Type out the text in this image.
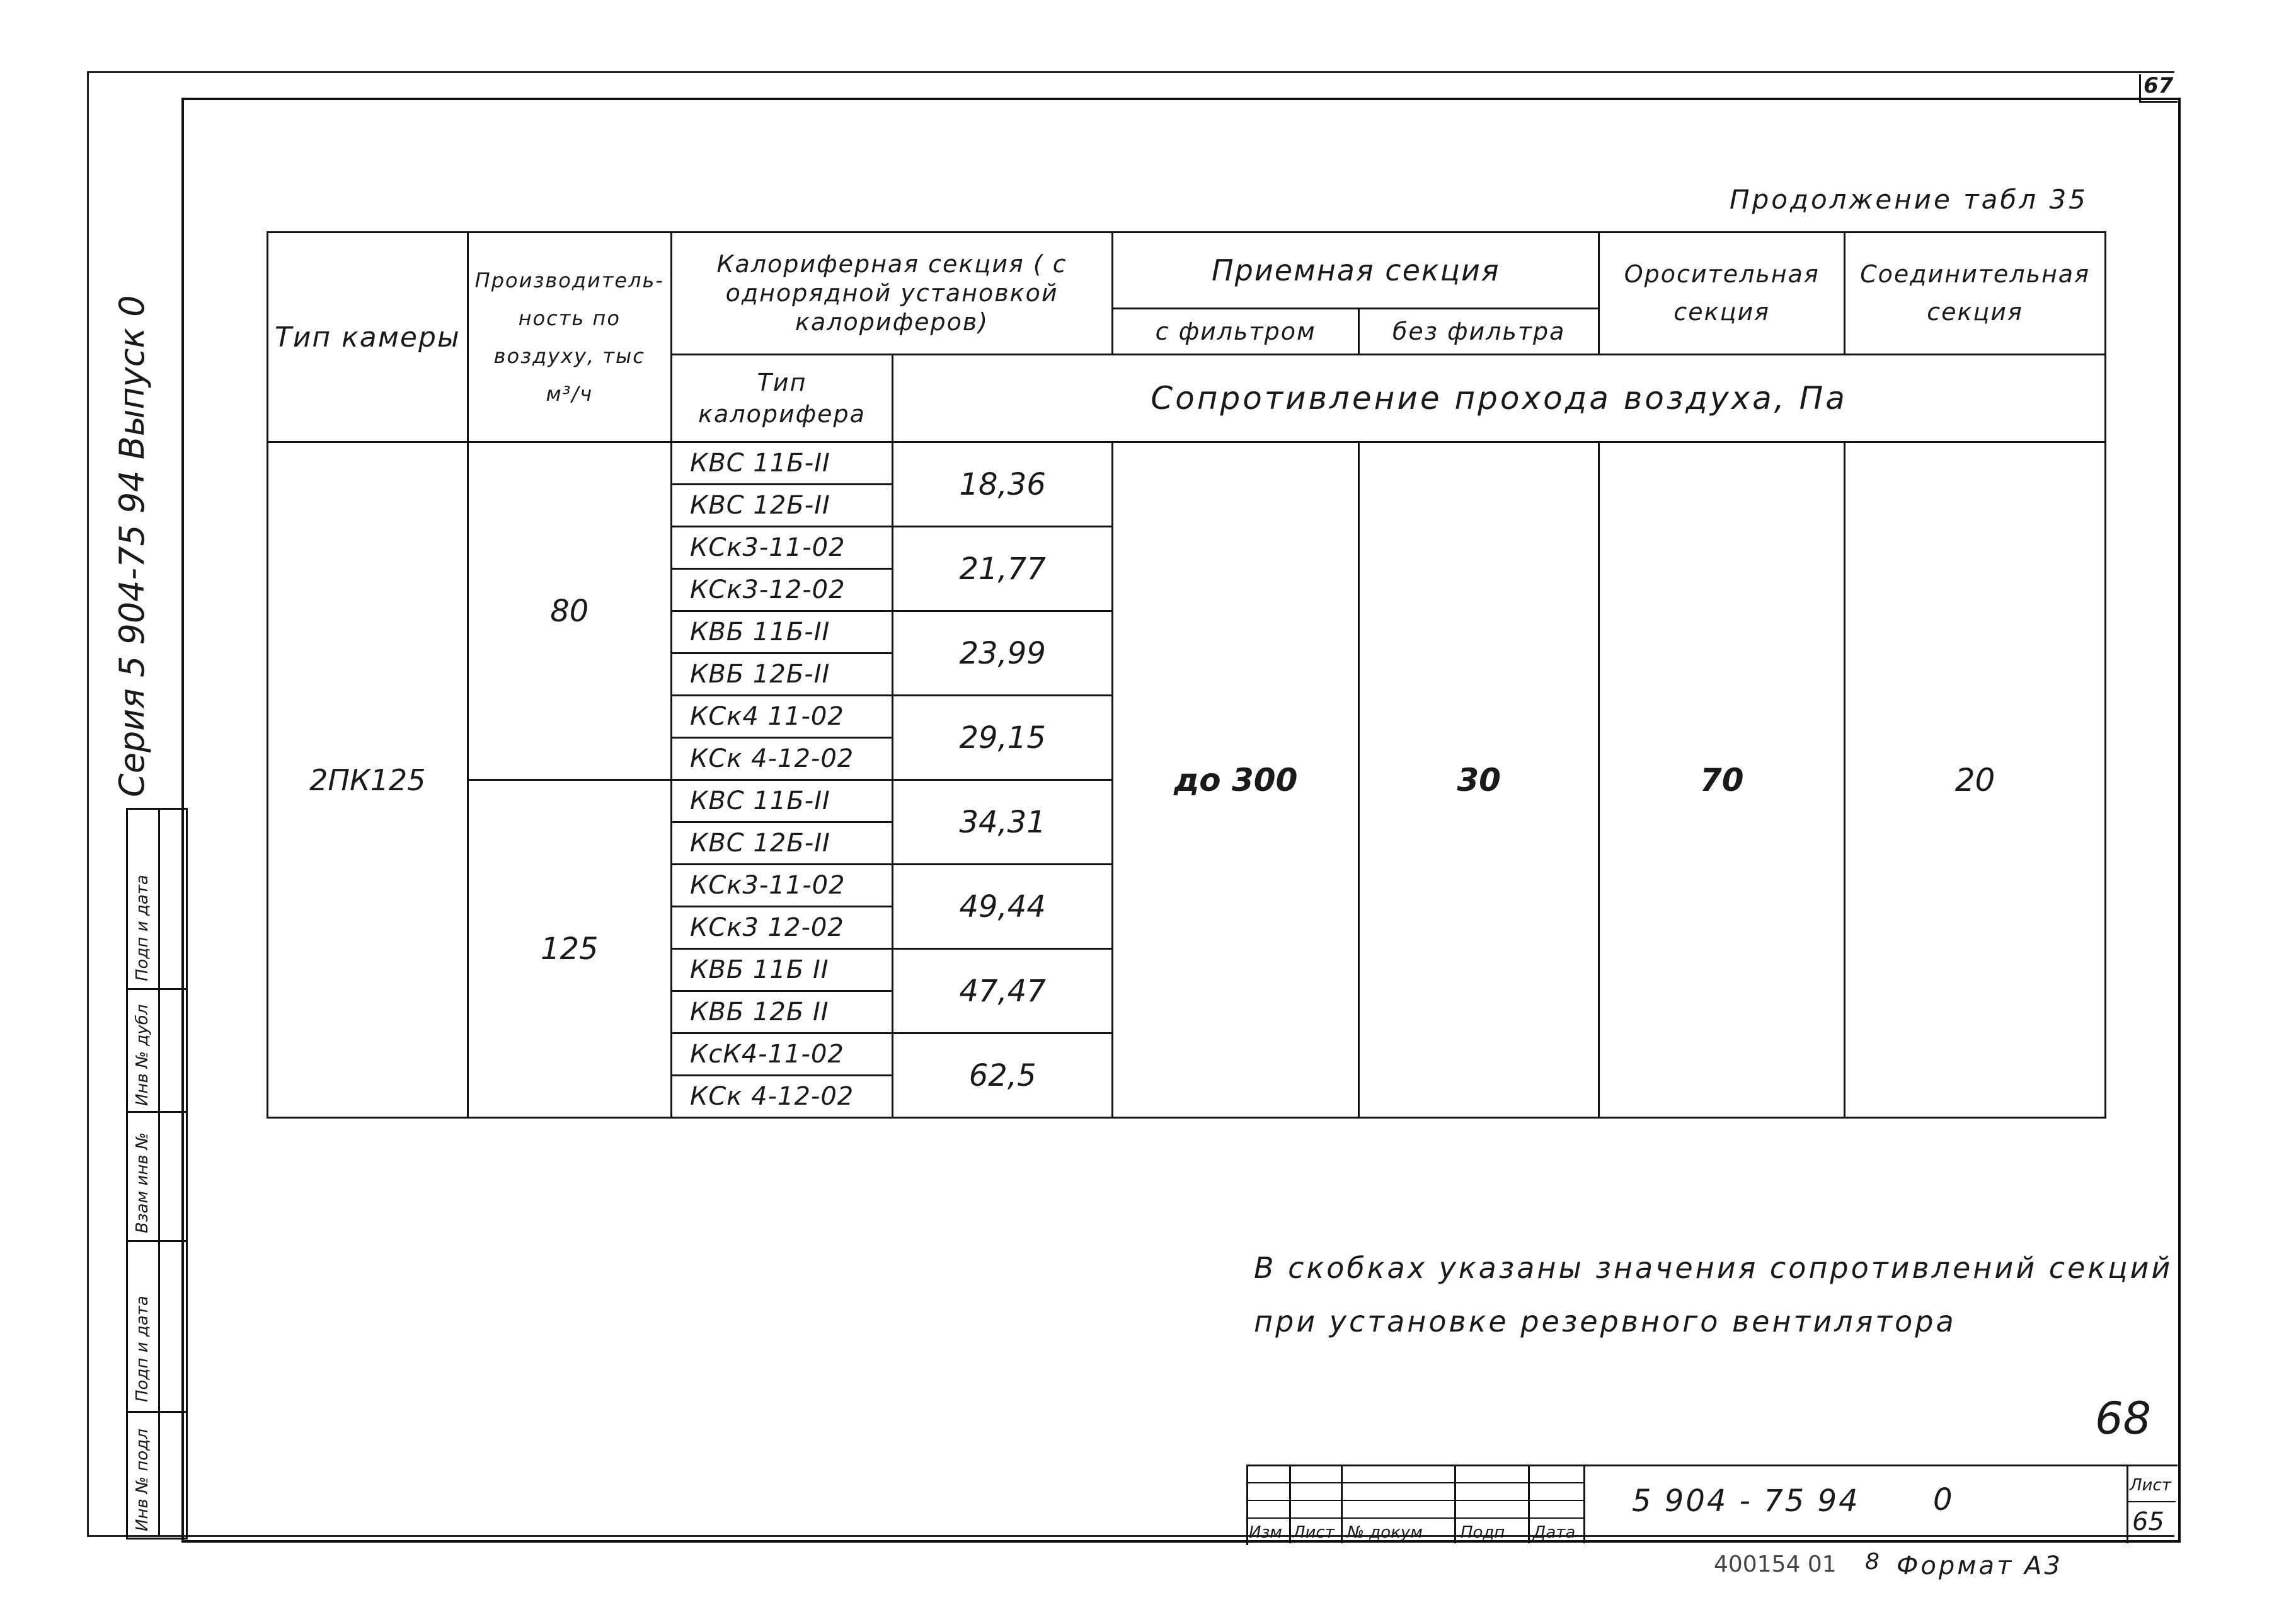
67
Продолжение табл 35
Тип камеры	Производитель- ность по воздуху, тыс м³/ч	Калориферная секция ( с однорядной установкой калориферов)		Приемная секция		Оросительная секция	Соединительная секция

				с фильтром	без фильтра		

		Тип калорифера	Сопротивление прохода воздуха, Па				
2ПК125	80	КВС 11Б-II	18,36	до 300	30	70	20
		КВС 12Б-II					
		КСк3-11-02	21,77				
		КСк3-12-02					
		КВБ 11Б-II	23,99				
		КВБ 12Б-II					
		КСк4 11-02	29,15				
		КСк 4-12-02					
	125	КВС 11Б-II	34,31				
		КВС 12Б-II					
		КСк3-11-02	49,44				
		КСк3 12-02					
		КВБ 11Б II	47,47				
		КВБ 12Б II					
		КсК4-11-02	62,5				
		КСк 4-12-02					
В скобках указаны значения сопротивлений секций
при установке резервного вентилятора
Серия 5 904-75 94 Выпуск 0
Подп и дата
Инв № дубл
Взам инв №
Подп и дата
Инв № подл
68
Изм Лист № докум Подп Дата
5 904 - 75 94 0	Лист
65
400154 01 8 Формат А3
